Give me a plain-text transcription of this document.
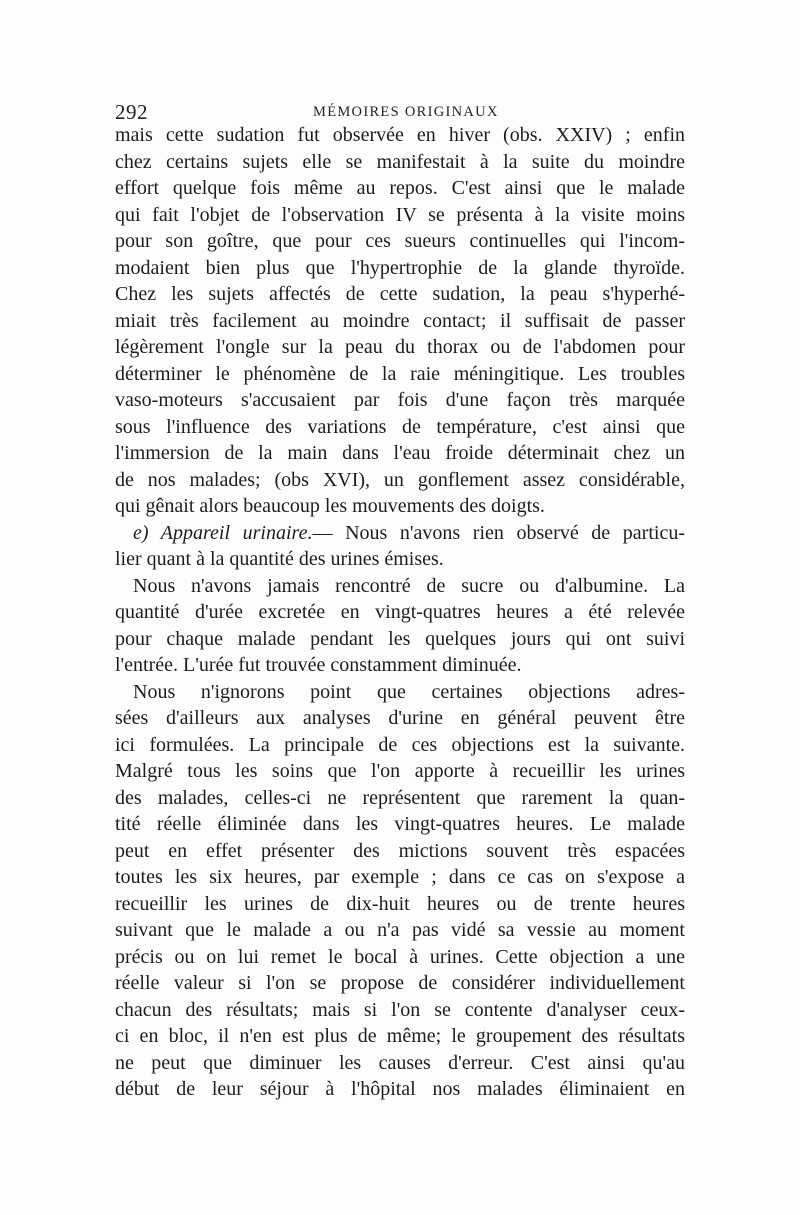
292	MÉMOIRES ORIGINAUX
mais cette sudation fut observée en hiver (obs. XXIV) ; enfin
chez certains sujets elle se manifestait à la suite du moindre
effort quelque fois même au repos. C'est ainsi que le malade
qui fait l'objet de l'observation IV se présenta à la visite moins
pour son goître, que pour ces sueurs continuelles qui l'incom-
modaient bien plus que l'hypertrophie de la glande thyroïde.
Chez les sujets affectés de cette sudation, la peau s'hyperhé-
miait très facilement au moindre contact; il suffisait de passer
légèrement l'ongle sur la peau du thorax ou de l'abdomen pour
déterminer le phénomène de la raie méningitique. Les troubles
vaso-moteurs s'accusaient par fois d'une façon très marquée
sous l'influence des variations de température, c'est ainsi que
l'immersion de la main dans l'eau froide déterminait chez un
de nos malades; (obs XVI), un gonflement assez considérable,
qui gênait alors beaucoup les mouvements des doigts.
e) Appareil urinaire.— Nous n'avons rien observé de particu-
lier quant à la quantité des urines émises.
Nous n'avons jamais rencontré de sucre ou d'albumine. La
quantité d'urée excretée en vingt-quatres heures a été relevée
pour chaque malade pendant les quelques jours qui ont suivi
l'entrée. L'urée fut trouvée constamment diminuée.
Nous n'ignorons point que certaines objections adres-
sées d'ailleurs aux analyses d'urine en général peuvent être
ici formulées. La principale de ces objections est la suivante.
Malgré tous les soins que l'on apporte à recueillir les urines
des malades, celles-ci ne représentent que rarement la quan-
tité réelle éliminée dans les vingt-quatres heures. Le malade
peut en effet présenter des mictions souvent très espacées
toutes les six heures, par exemple ; dans ce cas on s'expose a
recueillir les urines de dix-huit heures ou de trente heures
suivant que le malade a ou n'a pas vidé sa vessie au moment
précis ou on lui remet le bocal à urines. Cette objection a une
réelle valeur si l'on se propose de considérer individuellement
chacun des résultats; mais si l'on se contente d'analyser ceux-
ci en bloc, il n'en est plus de même; le groupement des résultats
ne peut que diminuer les causes d'erreur. C'est ainsi qu'au
début de leur séjour à l'hôpital nos malades éliminaient en
